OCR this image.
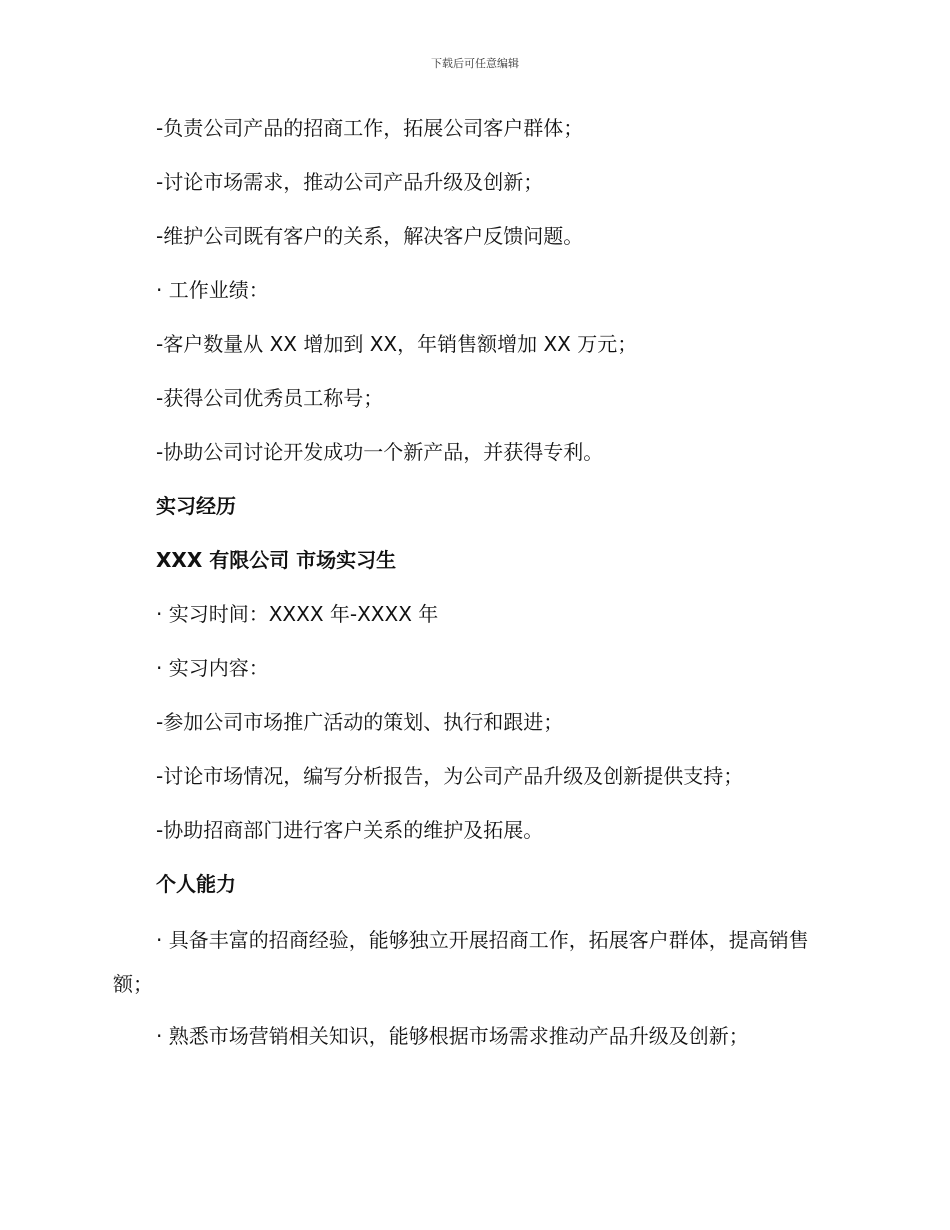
下载后可任意编辑

-负责公司产品的招商工作，拓展公司客户群体；

-讨论市场需求，推动公司产品升级及创新；

-维护公司既有客户的关系，解决客户反馈问题。

· 工作业绩：

-客户数量从 XX 增加到 XX，年销售额增加 XX 万元；

-获得公司优秀员工称号；

-协助公司讨论开发成功一个新产品，并获得专利。

实习经历

XXX 有限公司 市场实习生

· 实习时间：XXXX 年-XXXX 年

· 实习内容：

-参加公司市场推广活动的策划、执行和跟进；

-讨论市场情况，编写分析报告，为公司产品升级及创新提供支持；

-协助招商部门进行客户关系的维护及拓展。

个人能力

· 具备丰富的招商经验，能够独立开展招商工作，拓展客户群体，提高销售额；

· 熟悉市场营销相关知识，能够根据市场需求推动产品升级及创新；
